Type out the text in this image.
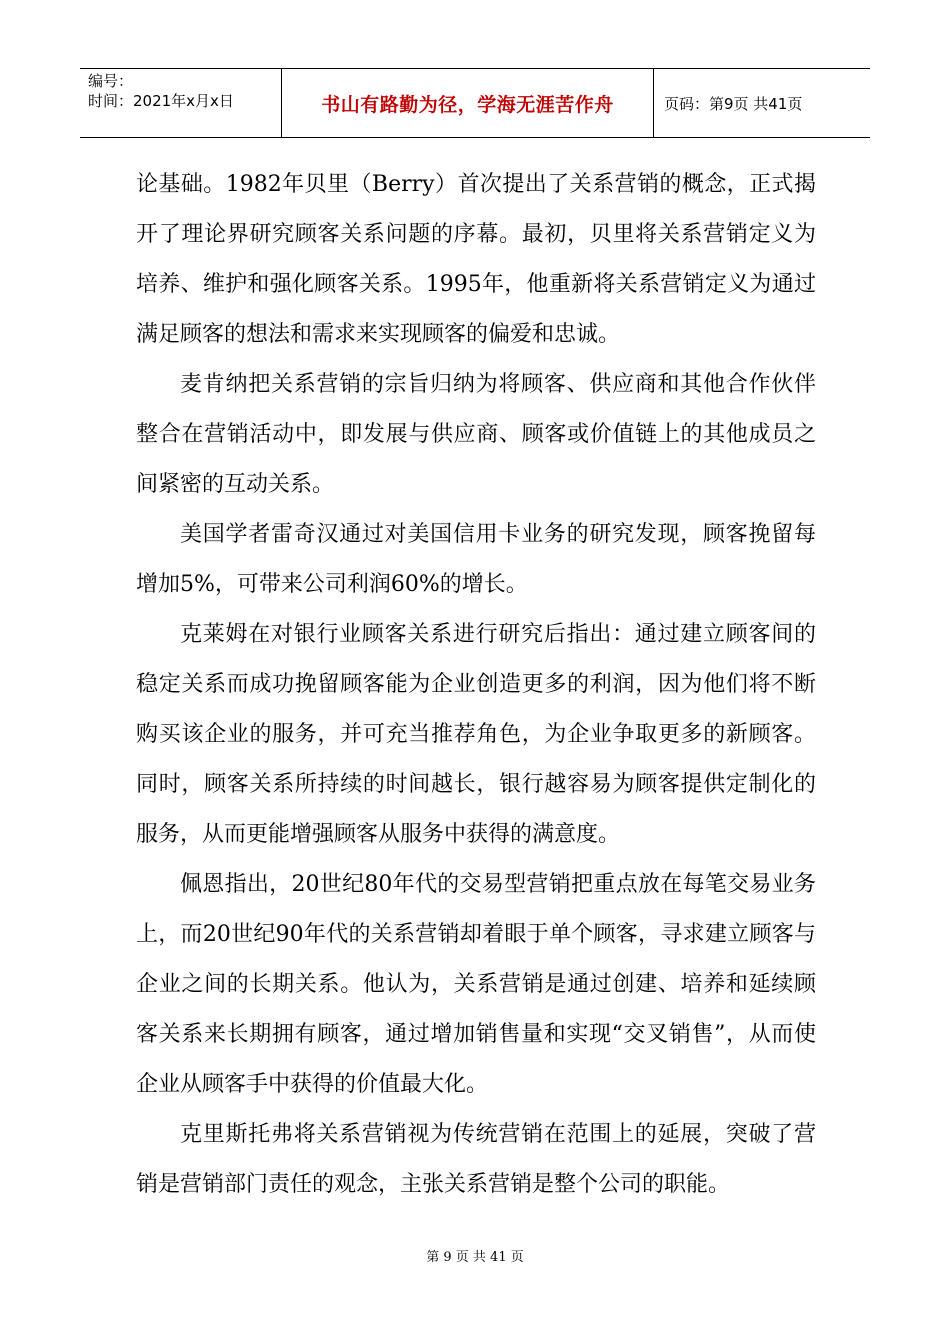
编号：
时间：2021年x月x日	书山有路勤为径，学海无涯苦作舟	页码：第9页 共41页

论基础。1982年贝里（Berry）首次提出了关系营销的概念，正式揭开了理论界研究顾客关系问题的序幕。最初，贝里将关系营销定义为培养、维护和强化顾客关系。1995年，他重新将关系营销定义为通过满足顾客的想法和需求来实现顾客的偏爱和忠诚。

麦肯纳把关系营销的宗旨归纳为将顾客、供应商和其他合作伙伴整合在营销活动中，即发展与供应商、顾客或价值链上的其他成员之间紧密的互动关系。

美国学者雷奇汉通过对美国信用卡业务的研究发现，顾客挽留每增加5%，可带来公司利润60%的增长。

克莱姆在对银行业顾客关系进行研究后指出：通过建立顾客间的稳定关系而成功挽留顾客能为企业创造更多的利润，因为他们将不断购买该企业的服务，并可充当推荐角色，为企业争取更多的新顾客。同时，顾客关系所持续的时间越长，银行越容易为顾客提供定制化的服务，从而更能增强顾客从服务中获得的满意度。

佩恩指出，20世纪80年代的交易型营销把重点放在每笔交易业务上，而20世纪90年代的关系营销却着眼于单个顾客，寻求建立顾客与企业之间的长期关系。他认为，关系营销是通过创建、培养和延续顾客关系来长期拥有顾客，通过增加销售量和实现“交叉销售”，从而使企业从顾客手中获得的价值最大化。

克里斯托弗将关系营销视为传统营销在范围上的延展，突破了营销是营销部门责任的观念，主张关系营销是整个公司的职能。

第 9 页 共 41 页
